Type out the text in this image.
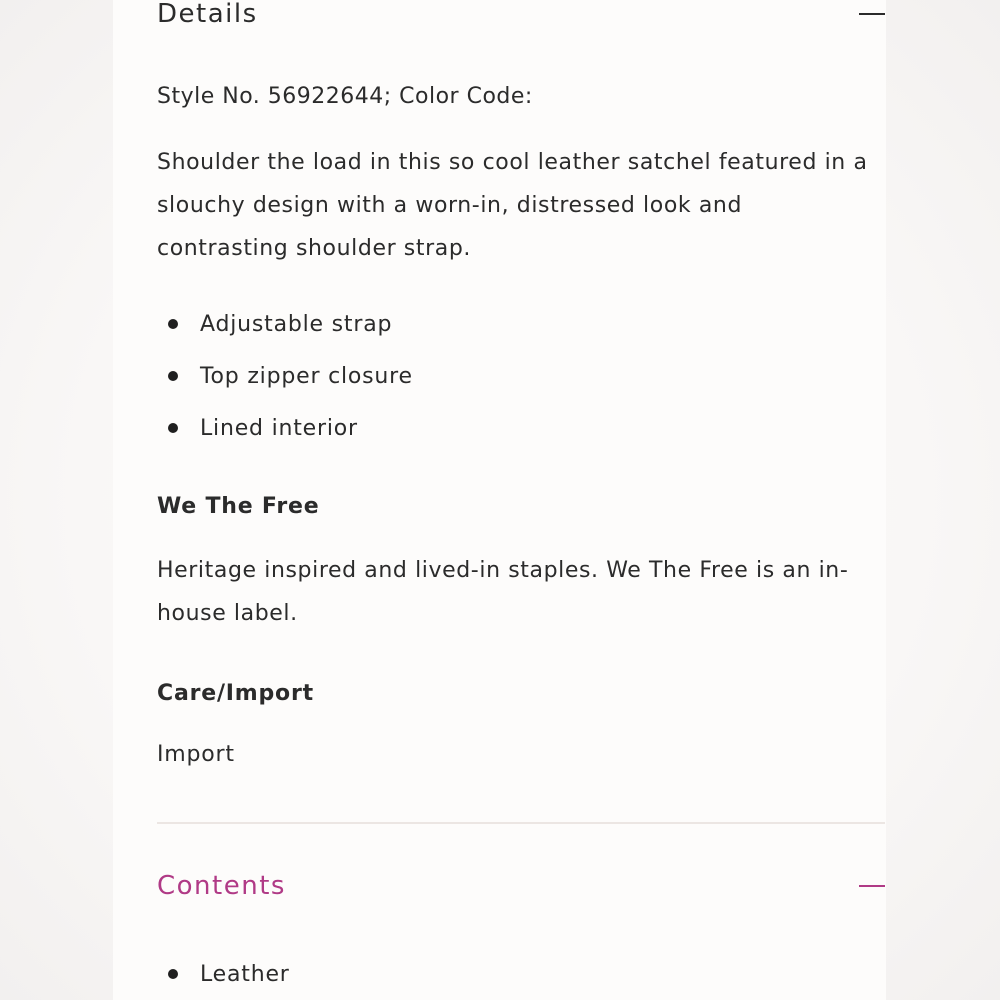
Details
Style No. 56922644; Color Code:
Shoulder the load in this so cool leather satchel featured in a slouchy design with a worn-in, distressed look and contrasting shoulder strap.
Adjustable strap
Top zipper closure
Lined interior
We The Free
Heritage inspired and lived-in staples. We The Free is an in-house label.
Care/Import
Import
Contents
Leather
